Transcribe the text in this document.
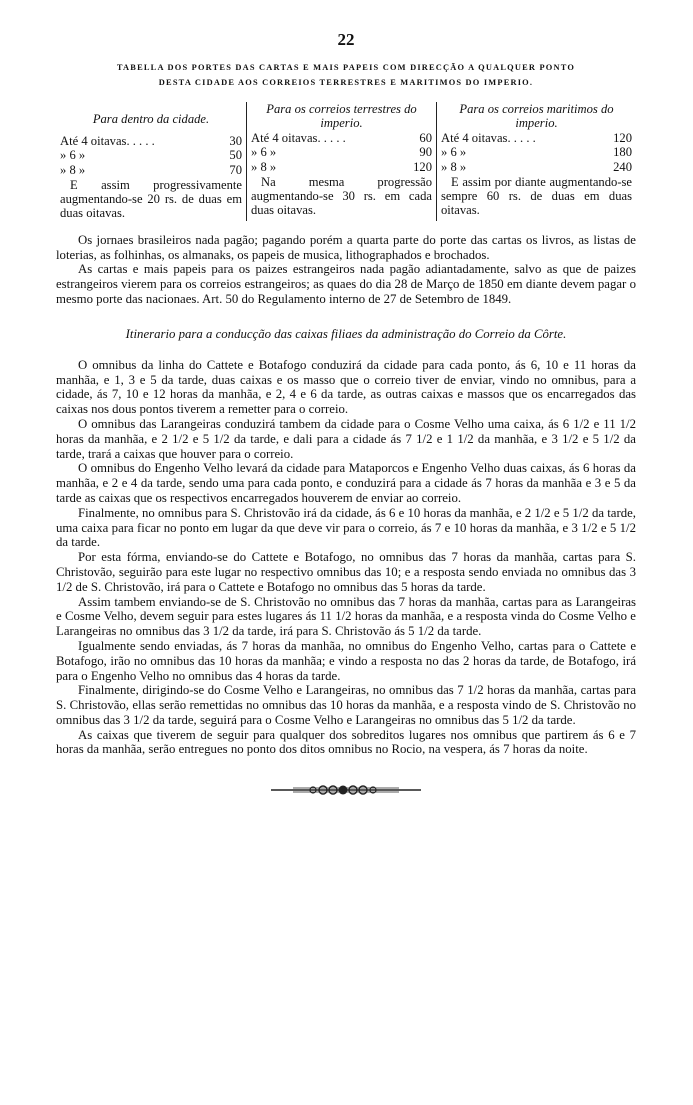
22
TABELLA DOS PORTES DAS CARTAS E MAIS PAPEIS COM DIRECÇÃO A QUALQUER PONTO
DESTA CIDADE AOS CORREIOS TERRESTRES E MARITIMOS DO IMPERIO.
Para dentro da cidade.
Até 4 oitavas. . . . .	30
» 6 »	50
» 8 »	70
E assim progressivamente augmentando-se 20 rs. de duas em duas oitavas.
Para os correios terrestres do imperio.
Até 4 oitavas. . . . .	60
» 6 »	90
» 8 »	120
Na mesma progressão augmentando-se 30 rs. em cada duas oitavas.
Para os correios maritimos do imperio.
Até 4 oitavas. . . . .	120
» 6 »	180
» 8 »	240
E assim por diante augmentando-se sempre 60 rs. de duas em duas oitavas.

Os jornaes brasileiros nada pagão; pagando porém a quarta parte do porte das cartas os livros, as listas de loterias, as folhinhas, os almanaks, os papeis de musica, lithographados e brochados.

As cartas e mais papeis para os paizes estrangeiros nada pagão adiantadamente, salvo as que de paizes estrangeiros vierem para os correios estrangeiros; as quaes do dia 28 de Março de 1850 em diante devem pagar o mesmo porte das nacionaes. Art. 50 do Regulamento interno de 27 de Setembro de 1849.

Itinerario para a conducção das caixas filiaes da administração do Correio da Côrte.

O omnibus da linha do Cattete e Botafogo conduzirá da cidade para cada ponto, ás 6, 10 e 11 horas da manhãa, e 1, 3 e 5 da tarde, duas caixas e os masso que o correio tiver de enviar, vindo no omnibus, para a cidade, ás 7, 10 e 12 horas da manhãa, e 2, 4 e 6 da tarde, as outras caixas e massos que os encarregados das caixas nos dous pontos tiverem a remetter para o correio.

O omnibus das Larangeiras conduzirá tambem da cidade para o Cosme Velho uma caixa, ás 6 1/2 e 11 1/2 horas da manhãa, e 2 1/2 e 5 1/2 da tarde, e dali para a cidade ás 7 1/2 e 1 1/2 da manhãa, e 3 1/2 e 5 1/2 da tarde, trará a caixas que houver para o correio.

O omnibus do Engenho Velho levará da cidade para Mataporcos e Engenho Velho duas caixas, ás 6 horas da manhãa, e 2 e 4 da tarde, sendo uma para cada ponto, e conduzirá para a cidade ás 7 horas da manhãa e 3 e 5 da tarde as caixas que os respectivos encarregados houverem de enviar ao correio.

Finalmente, no omnibus para S. Christovão irá da cidade, ás 6 e 10 horas da manhãa, e 2 1/2 e 5 1/2 da tarde, uma caixa para ficar no ponto em lugar da que deve vir para o correio, ás 7 e 10 horas da manhãa, e 3 1/2 e 5 1/2 da tarde.

Por esta fórma, enviando-se do Cattete e Botafogo, no omnibus das 7 horas da manhãa, cartas para S. Christovão, seguirão para este lugar no respectivo omnibus das 10; e a resposta sendo enviada no omnibus das 3 1/2 de S. Christovão, irá para o Cattete e Botafogo no omnibus das 5 horas da tarde.

Assim tambem enviando-se de S. Christovão no omnibus das 7 horas da manhãa, cartas para as Larangeiras e Cosme Velho, devem seguir para estes lugares ás 11 1/2 horas da manhãa, e a resposta vinda do Cosme Velho e Larangeiras no omnibus das 3 1/2 da tarde, irá para S. Christovão ás 5 1/2 da tarde.

Igualmente sendo enviadas, ás 7 horas da manhãa, no omnibus do Engenho Velho, cartas para o Cattete e Botafogo, irão no omnibus das 10 horas da manhãa; e vindo a resposta no das 2 horas da tarde, de Botafogo, irá para o Engenho Velho no omnibus das 4 horas da tarde.

Finalmente, dirigindo-se do Cosme Velho e Larangeiras, no omnibus das 7 1/2 horas da manhãa, cartas para S. Christovão, ellas serão remettidas no omnibus das 10 horas da manhãa, e a resposta vindo de S. Christovão no omnibus das 3 1/2 da tarde, seguirá para o Cosme Velho e Larangeiras no omnibus das 5 1/2 da tarde.

As caixas que tiverem de seguir para qualquer dos sobreditos lugares nos omnibus que partirem ás 6 e 7 horas da manhãa, serão entregues no ponto dos ditos omnibus no Rocio, na vespera, ás 7 horas da noite.
